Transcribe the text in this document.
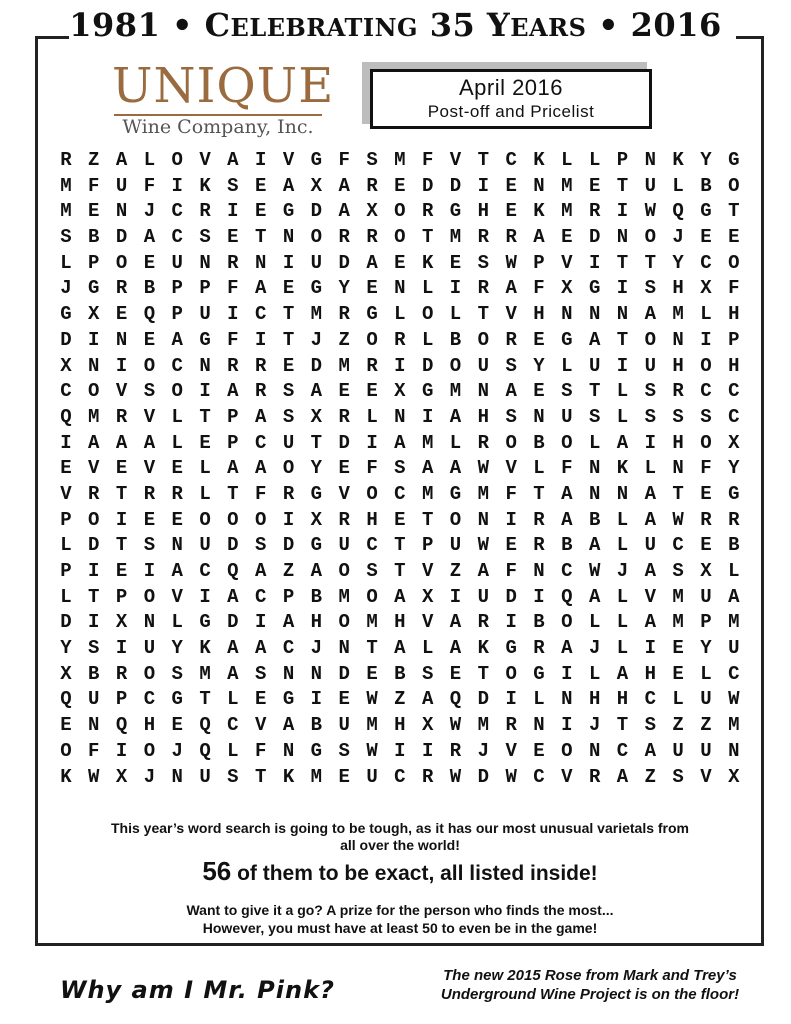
1981 • CELEBRATING 35 YEARS • 2016
UNIQUE
Wine Company, Inc.
April 2016
Post-off and Pricelist
R Z A L O V A I V G F S M F V T C K L L P N K Y G
M F U F I K S E A X A R E D D I E N M E T U L B O
M E N J C R I E G D A X O R G H E K M R I W Q G T
S B D A C S E T N O R R O T M R R A E D N O J E E
L P O E U N R N I U D A E K E S W P V I T T Y C O
J G R B P P F A E G Y E N L I R A F X G I S H X F
G X E Q P U I C T M R G L O L T V H N N N A M L H
D I N E A G F I T J Z O R L B O R E G A T O N I P
X N I O C N R R E D M R I D O U S Y L U I U H O H
C O V S O I A R S A E E X G M N A E S T L S R C C
Q M R V L T P A S X R L N I A H S N U S L S S S C
I A A A L E P C U T D I A M L R O B O L A I H O X
E V E V E L A A O Y E F S A A W V L F N K L N F Y
V R T R R L T F R G V O C M G M F T A N N A T E G
P O I E E O O O I X R H E T O N I R A B L A W R R
L D T S N U D S D G U C T P U W E R B A L U C E B
P I E I A C Q A Z A O S T V Z A F N C W J A S X L
L T P O V I A C P B M O A X I U D I Q A L V M U A
D I X N L G D I A H O M H V A R I B O L L A M P M
Y S I U Y K A A C J N T A L A K G R A J L I E Y U
X B R O S M A S N N D E B S E T O G I L A H E L C
Q U P C G T L E G I E W Z A Q D I L N H H C L U W
E N Q H E Q C V A B U M H X W M R N I J T S Z Z M
O F I O J Q L F N G S W I I R J V E O N C A U U N
K W X J N U S T K M E U C R W D W C V R A Z S V X
This year’s word search is going to be tough, as it has our most unusual varietals from
all over the world!
56 of them to be exact, all listed inside!
Want to give it a go? A prize for the person who finds the most...
However, you must have at least 50 to even be in the game!
Why am I Mr. Pink?
The new 2015 Rose from Mark and Trey’s
Underground Wine Project is on the floor!
